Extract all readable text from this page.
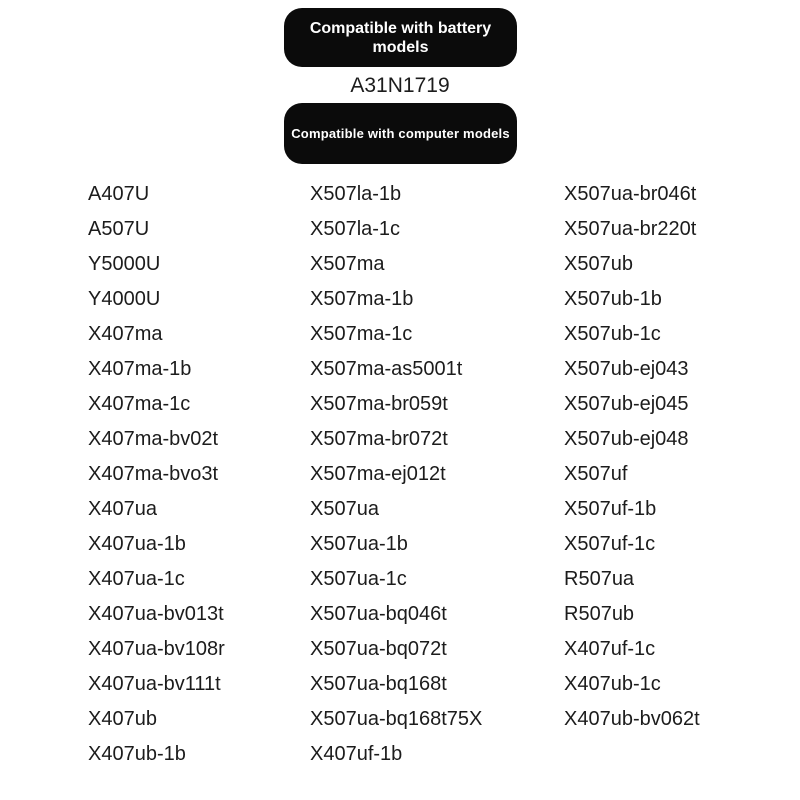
Compatible with battery models
A31N1719
Compatible with computer models
A407U
A507U
Y5000U
Y4000U
X407ma
X407ma-1b
X407ma-1c
X407ma-bv02t
X407ma-bvo3t
X407ua
X407ua-1b
X407ua-1c
X407ua-bv013t
X407ua-bv108r
X407ua-bv111t
X407ub
X407ub-1b
X507la-1b
X507la-1c
X507ma
X507ma-1b
X507ma-1c
X507ma-as5001t
X507ma-br059t
X507ma-br072t
X507ma-ej012t
X507ua
X507ua-1b
X507ua-1c
X507ua-bq046t
X507ua-bq072t
X507ua-bq168t
X507ua-bq168t75X
X407uf-1b
X507ua-br046t
X507ua-br220t
X507ub
X507ub-1b
X507ub-1c
X507ub-ej043
X507ub-ej045
X507ub-ej048
X507uf
X507uf-1b
X507uf-1c
R507ua
R507ub
X407uf-1c
X407ub-1c
X407ub-bv062t
